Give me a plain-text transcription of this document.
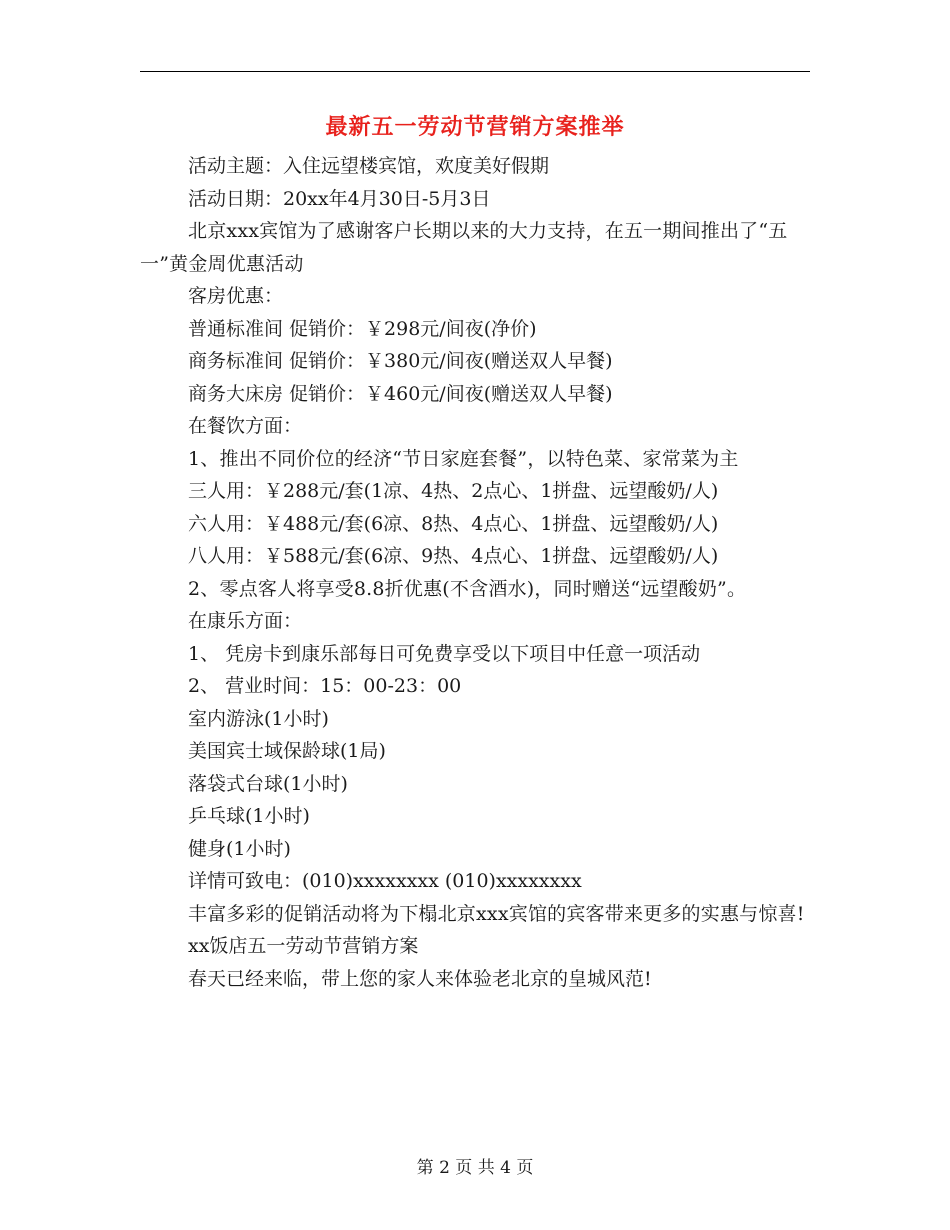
最新五一劳动节营销方案推举

活动主题：入住远望楼宾馆，欢度美好假期

活动日期：20xx年4月30日-5月3日

北京xxx宾馆为了感谢客户长期以来的大力支持，在五一期间推出了“五一”黄金周优惠活动

客房优惠：

普通标准间 促销价：￥298元/间夜(净价)

商务标准间 促销价：￥380元/间夜(赠送双人早餐)

商务大床房 促销价：￥460元/间夜(赠送双人早餐)

在餐饮方面：

1、推出不同价位的经济“节日家庭套餐”，以特色菜、家常菜为主

三人用：￥288元/套(1凉、4热、2点心、1拼盘、远望酸奶/人)

六人用：￥488元/套(6凉、8热、4点心、1拼盘、远望酸奶/人)

八人用：￥588元/套(6凉、9热、4点心、1拼盘、远望酸奶/人)

2、零点客人将享受8.8折优惠(不含酒水)，同时赠送“远望酸奶”。

在康乐方面：

1、 凭房卡到康乐部每日可免费享受以下项目中任意一项活动

2、 营业时间：15：00-23：00

室内游泳(1小时)

美国宾士域保龄球(1局)

落袋式台球(1小时)

乒乓球(1小时)

健身(1小时)

详情可致电：(010)xxxxxxxx (010)xxxxxxxx

丰富多彩的促销活动将为下榻北京xxx宾馆的宾客带来更多的实惠与惊喜!

xx饭店五一劳动节营销方案

春天已经来临，带上您的家人来体验老北京的皇城风范!

第 2 页 共 4 页
